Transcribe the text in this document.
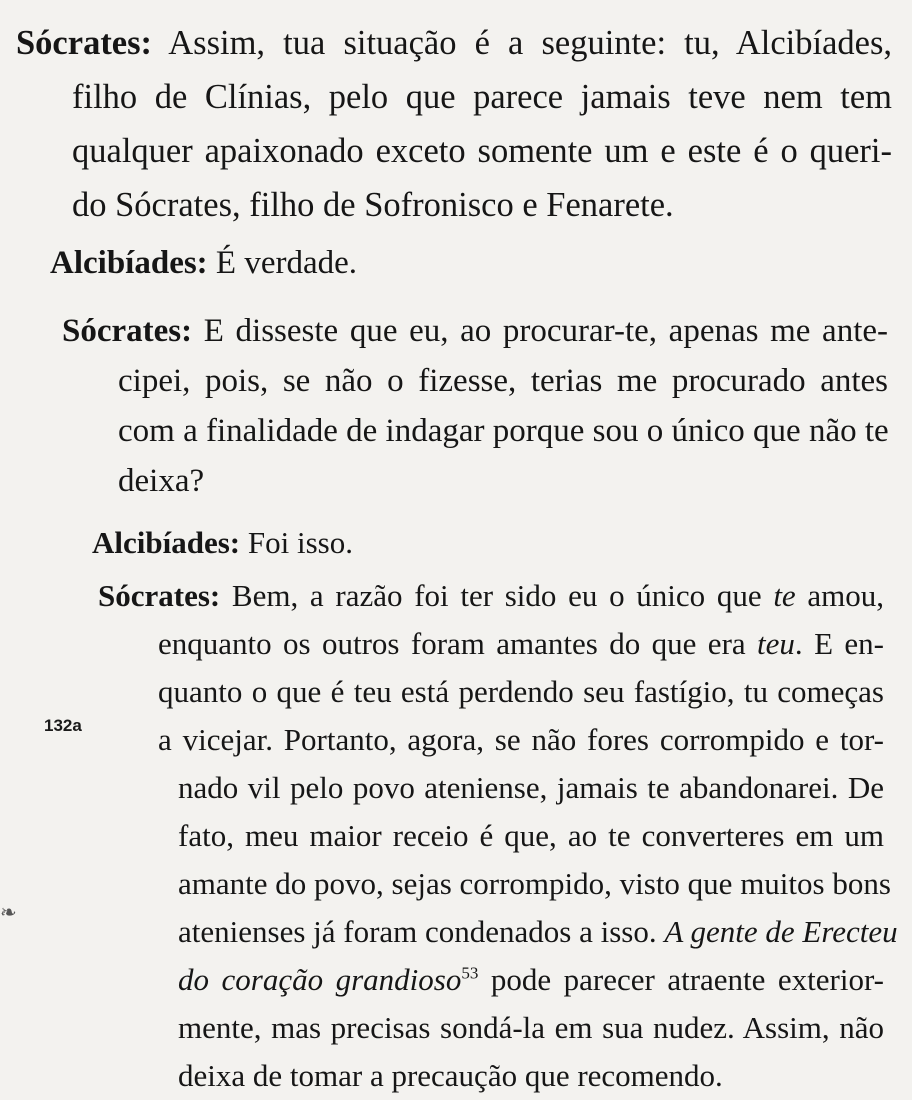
Sócrates: Assim, tua situação é a seguinte: tu, Alcibíades,
filho de Clínias, pelo que parece jamais teve nem tem
qualquer apaixonado exceto somente um e este é o queri-
do Sócrates, filho de Sofronisco e Fenarete.

Alcibíades: É verdade.

Sócrates: E disseste que eu, ao procurar-te, apenas me ante-
cipei, pois, se não o fizesse, terias me procurado antes
com a finalidade de indagar porque sou o único que não te
deixa?

Alcibíades: Foi isso.

Sócrates: Bem, a razão foi ter sido eu o único que te amou,
enquanto os outros foram amantes do que era teu. E en-
quanto o que é teu está perdendo seu fastígio, tu começas
a vicejar. Portanto, agora, se não fores corrompido e tor-
nado vil pelo povo ateniense, jamais te abandonarei. De
fato, meu maior receio é que, ao te converteres em um
amante do povo, sejas corrompido, visto que muitos bons
atenienses já foram condenados a isso. A gente de Erecteu
do coração grandioso$^{53}$ pode parecer atraente exterior-
mente, mas precisas sondá-la em sua nudez. Assim, não
deixa de tomar a precaução que recomendo.

132a
❧
